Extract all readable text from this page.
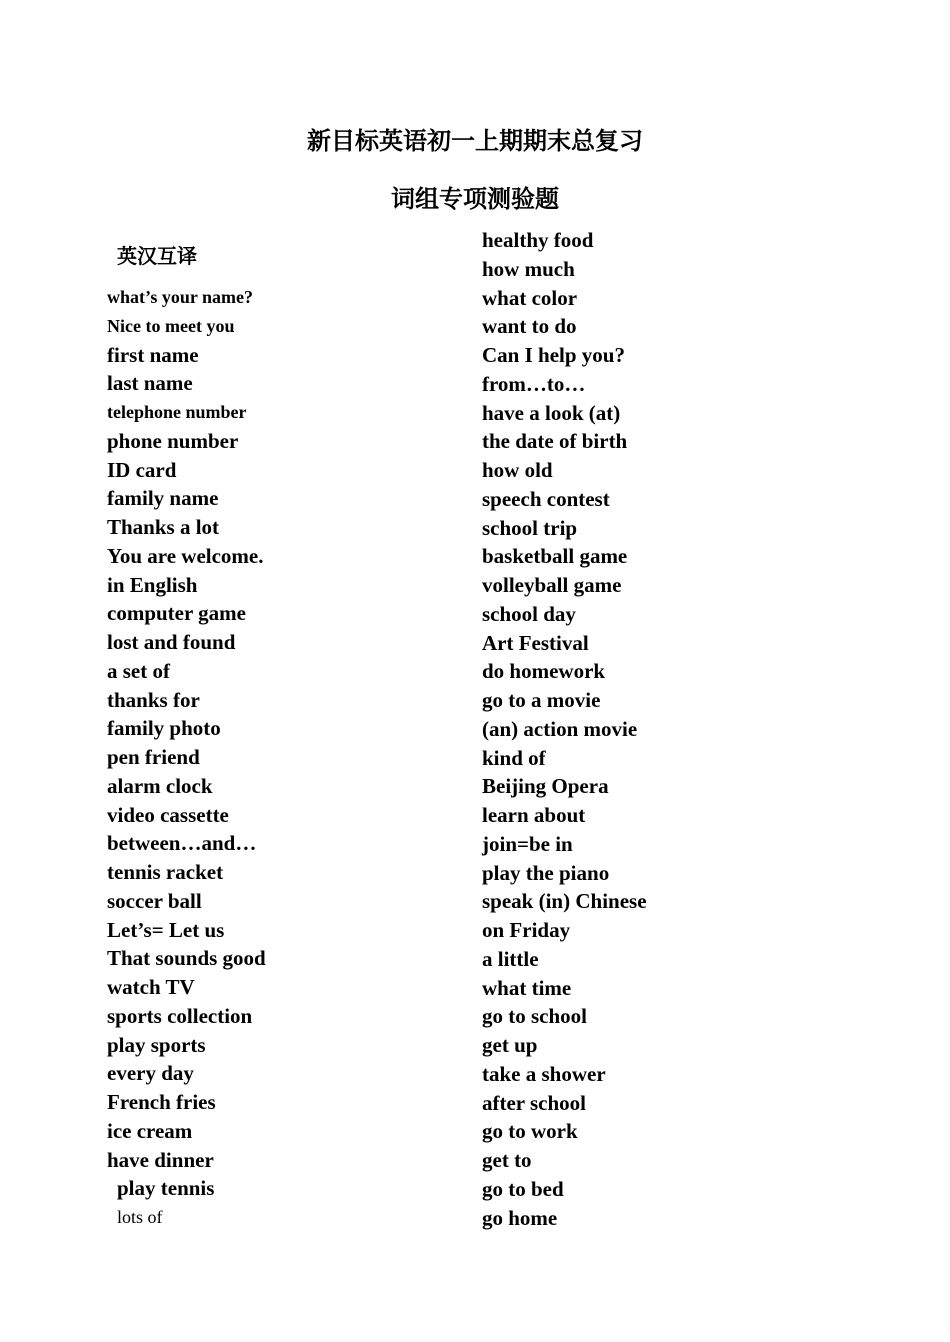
新目标英语初一上期期末总复习
词组专项测验题
英汉互译
what’s your name?
Nice to meet you
first name
last name
telephone number
phone number
ID card
family name
Thanks a lot
You are welcome.
in English
computer game
lost and found
a set of
thanks for
family photo
pen friend
alarm clock
video cassette
between…and…
tennis racket
soccer ball
Let’s= Let us
That sounds good
watch TV
sports collection
play sports
every day
French fries
ice cream
have dinner
play tennis
lots of
healthy food
how much
what color
want to do
Can I help you?
from…to…
have a look (at)
the date of birth
how old
speech contest
school trip
basketball game
volleyball game
school day
Art Festival
do homework
go to a movie
(an) action movie
kind of
Beijing Opera
learn about
join=be in
play the piano
speak (in) Chinese
on Friday
a little
what time
go to school
get up
take a shower
after school
go to work
get to
go to bed
go home
